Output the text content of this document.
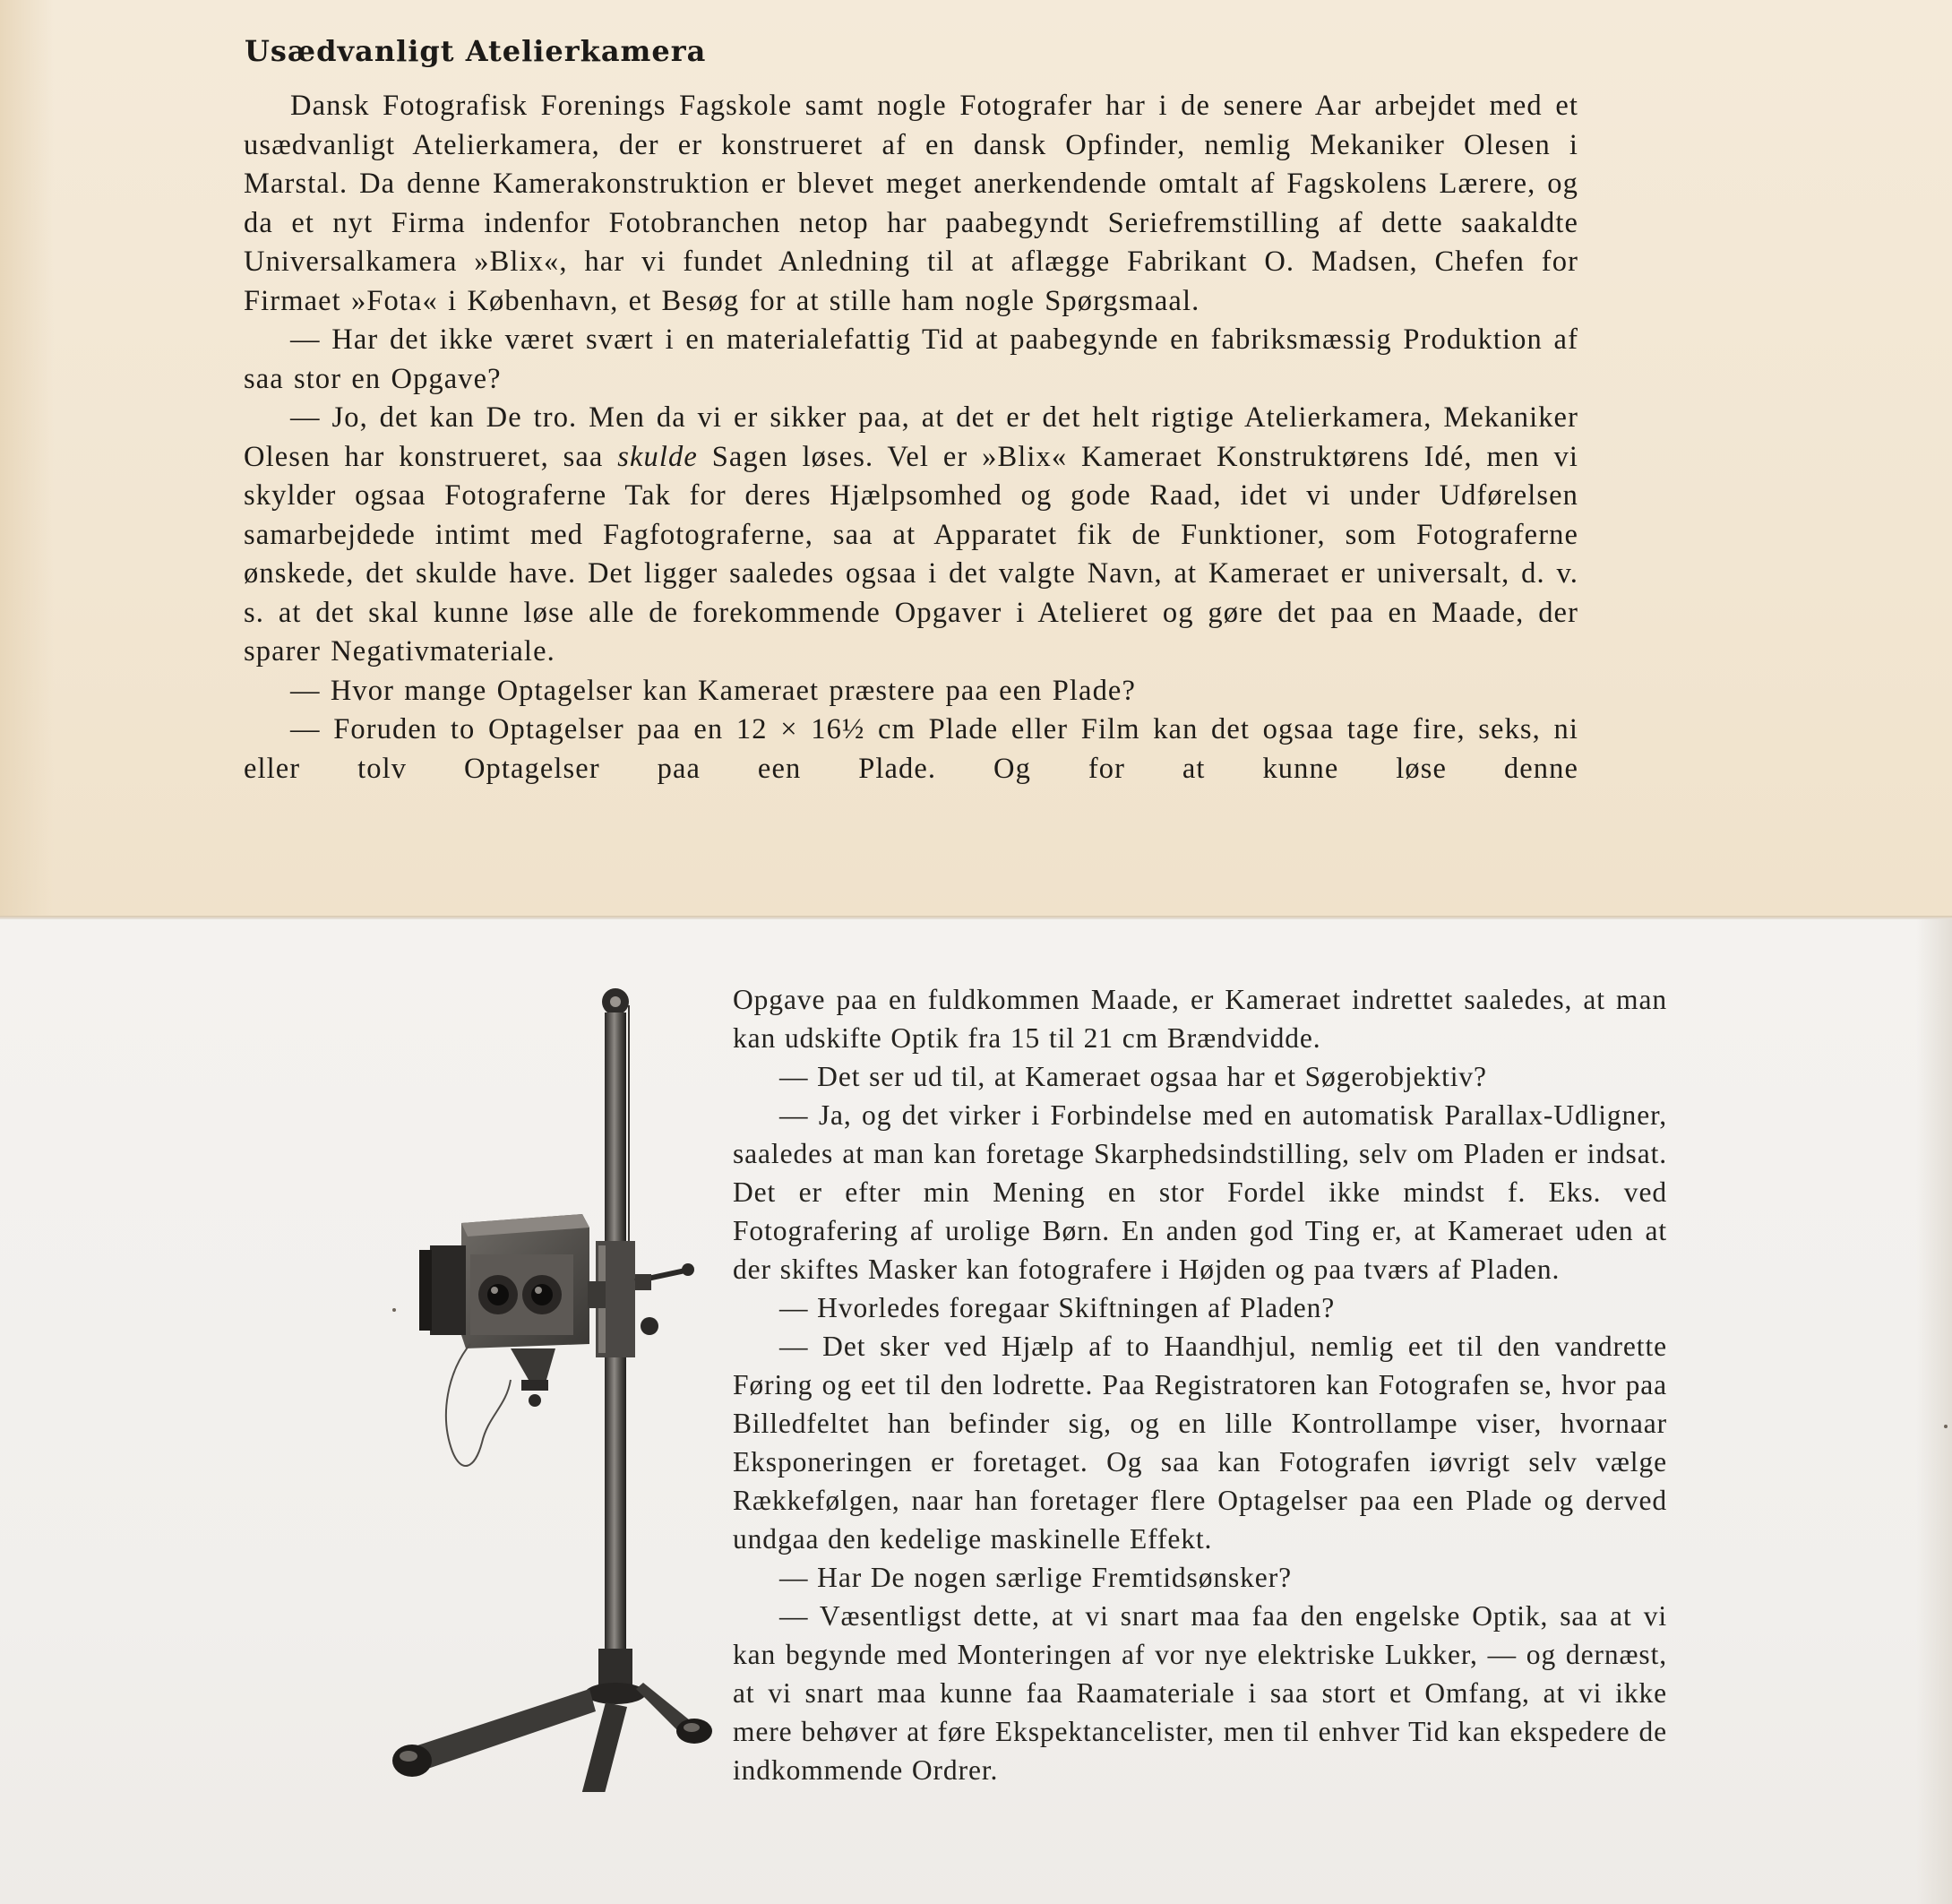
Usædvanligt Atelierkamera

Dansk Fotografisk Forenings Fagskole samt nogle Fotografer har i de senere Aar arbejdet med et usædvanligt Atelierkamera, der er konstrueret af en dansk Opfinder, nemlig Mekaniker Olesen i Marstal. Da denne Kamerakonstruktion er blevet meget anerkendende omtalt af Fagskolens Lærere, og da et nyt Firma indenfor Fotobranchen netop har paabegyndt Seriefremstilling af dette saakaldte Universalkamera »Blix«, har vi fundet Anledning til at aflægge Fabrikant O. Madsen, Chefen for Firmaet »Fota« i København, et Besøg for at stille ham nogle Spørgsmaal.

— Har det ikke været svært i en materialefattig Tid at paabegynde en fabriksmæssig Produktion af saa stor en Opgave?

— Jo, det kan De tro. Men da vi er sikker paa, at det er det helt rigtige Atelierkamera, Mekaniker Olesen har konstrueret, saa skulde Sagen løses. Vel er »Blix« Kameraet Konstruktørens Idé, men vi skylder ogsaa Fotograferne Tak for deres Hjælpsomhed og gode Raad, idet vi under Udførelsen samarbejdede intimt med Fagfotograferne, saa at Apparatet fik de Funktioner, som Fotograferne ønskede, det skulde have. Det ligger saaledes ogsaa i det valgte Navn, at Kameraet er universalt, d. v. s. at det skal kunne løse alle de forekommende Opgaver i Atelieret og gøre det paa en Maade, der sparer Negativmateriale.

— Hvor mange Optagelser kan Kameraet præstere paa een Plade?

— Foruden to Optagelser paa en 12 × 16½ cm Plade eller Film kan det ogsaa tage fire, seks, ni eller tolv Optagelser paa een Plade. Og for at kunne løse denne

Opgave paa en fuldkommen Maade, er Kameraet indrettet saaledes, at man kan udskifte Optik fra 15 til 21 cm Brændvidde.

— Det ser ud til, at Kameraet ogsaa har et Søgerobjektiv?

— Ja, og det virker i Forbindelse med en automatisk Parallax-Udligner, saaledes at man kan foretage Skarphedsindstilling, selv om Pladen er indsat. Det er efter min Mening en stor Fordel ikke mindst f. Eks. ved Fotografering af urolige Børn. En anden god Ting er, at Kameraet uden at der skiftes Masker kan fotografere i Højden og paa tværs af Pladen.

— Hvorledes foregaar Skiftningen af Pladen?

— Det sker ved Hjælp af to Haandhjul, nemlig eet til den vandrette Føring og eet til den lodrette. Paa Registratoren kan Fotografen se, hvor paa Billedfeltet han befinder sig, og en lille Kontrollampe viser, hvornaar Eksponeringen er foretaget. Og saa kan Fotografen iøvrigt selv vælge Rækkefølgen, naar han foretager flere Optagelser paa een Plade og derved undgaa den kedelige maskinelle Effekt.

— Har De nogen særlige Fremtidsønsker?

— Væsentligst dette, at vi snart maa faa den engelske Optik, saa at vi kan begynde med Monteringen af vor nye elektriske Lukker, — og dernæst, at vi snart maa kunne faa Raamateriale i saa stort et Omfang, at vi ikke mere behøver at føre Ekspektancelister, men til enhver Tid kan ekspedere de indkommende Ordrer.
